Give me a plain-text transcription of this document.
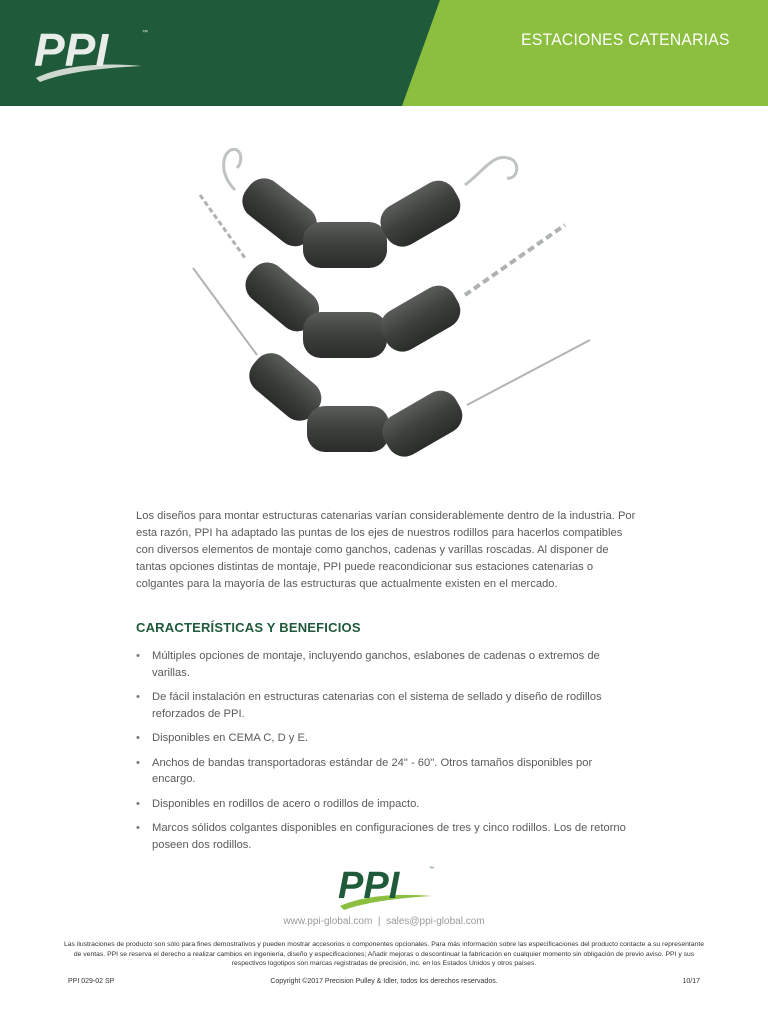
PPI	™	ESTACIONES CATENARIAS
Los diseños para montar estructuras catenarias varían considerablemente dentro de la industria. Por esta razón, PPI ha adaptado las puntas de los ejes de nuestros rodillos para hacerlos compatibles con diversos elementos de montaje como ganchos, cadenas y varillas roscadas. Al disponer de tantas opciones distintas de montaje, PPI puede reacondicionar sus estaciones catenarias o colgantes para la mayoría de las estructuras que actualmente existen en el mercado.
CARACTERÍSTICAS Y BENEFICIOS
• Múltiples opciones de montaje, incluyendo ganchos, eslabones de cadenas o extremos de varillas.
• De fácil instalación en estructuras catenarias con el sistema de sellado y diseño de rodillos reforzados de PPI.
• Disponibles en CEMA C, D y E.
• Anchos de bandas transportadoras estándar de 24" - 60". Otros tamaños disponibles por encargo.
• Disponibles en rodillos de acero o rodillos de impacto.
• Marcos sólidos colgantes disponibles en configuraciones de tres y cinco rodillos. Los de retorno poseen dos rodillos.
PPI	™
www.ppi-global.com | sales@ppi-global.com
Las ilustraciones de producto son sólo para fines demostrativos y pueden mostrar accesorios o componentes opcionales. Para más información sobre las especificaciones del producto contacte a su representante de ventas. PPI se reserva el derecho a realizar cambios en ingeniería, diseño y especificaciones; Añadir mejoras o descontinuar la fabricación en cualquier momento sin obligación de previo aviso. PPI y sus respectivos logotipos son marcas registradas de precisión, inc. en los Estados Unidos y otros países.
PPI 029-02 SP	Copyright ©2017 Precision Pulley & Idler, todos los derechos reservados.	10/17
